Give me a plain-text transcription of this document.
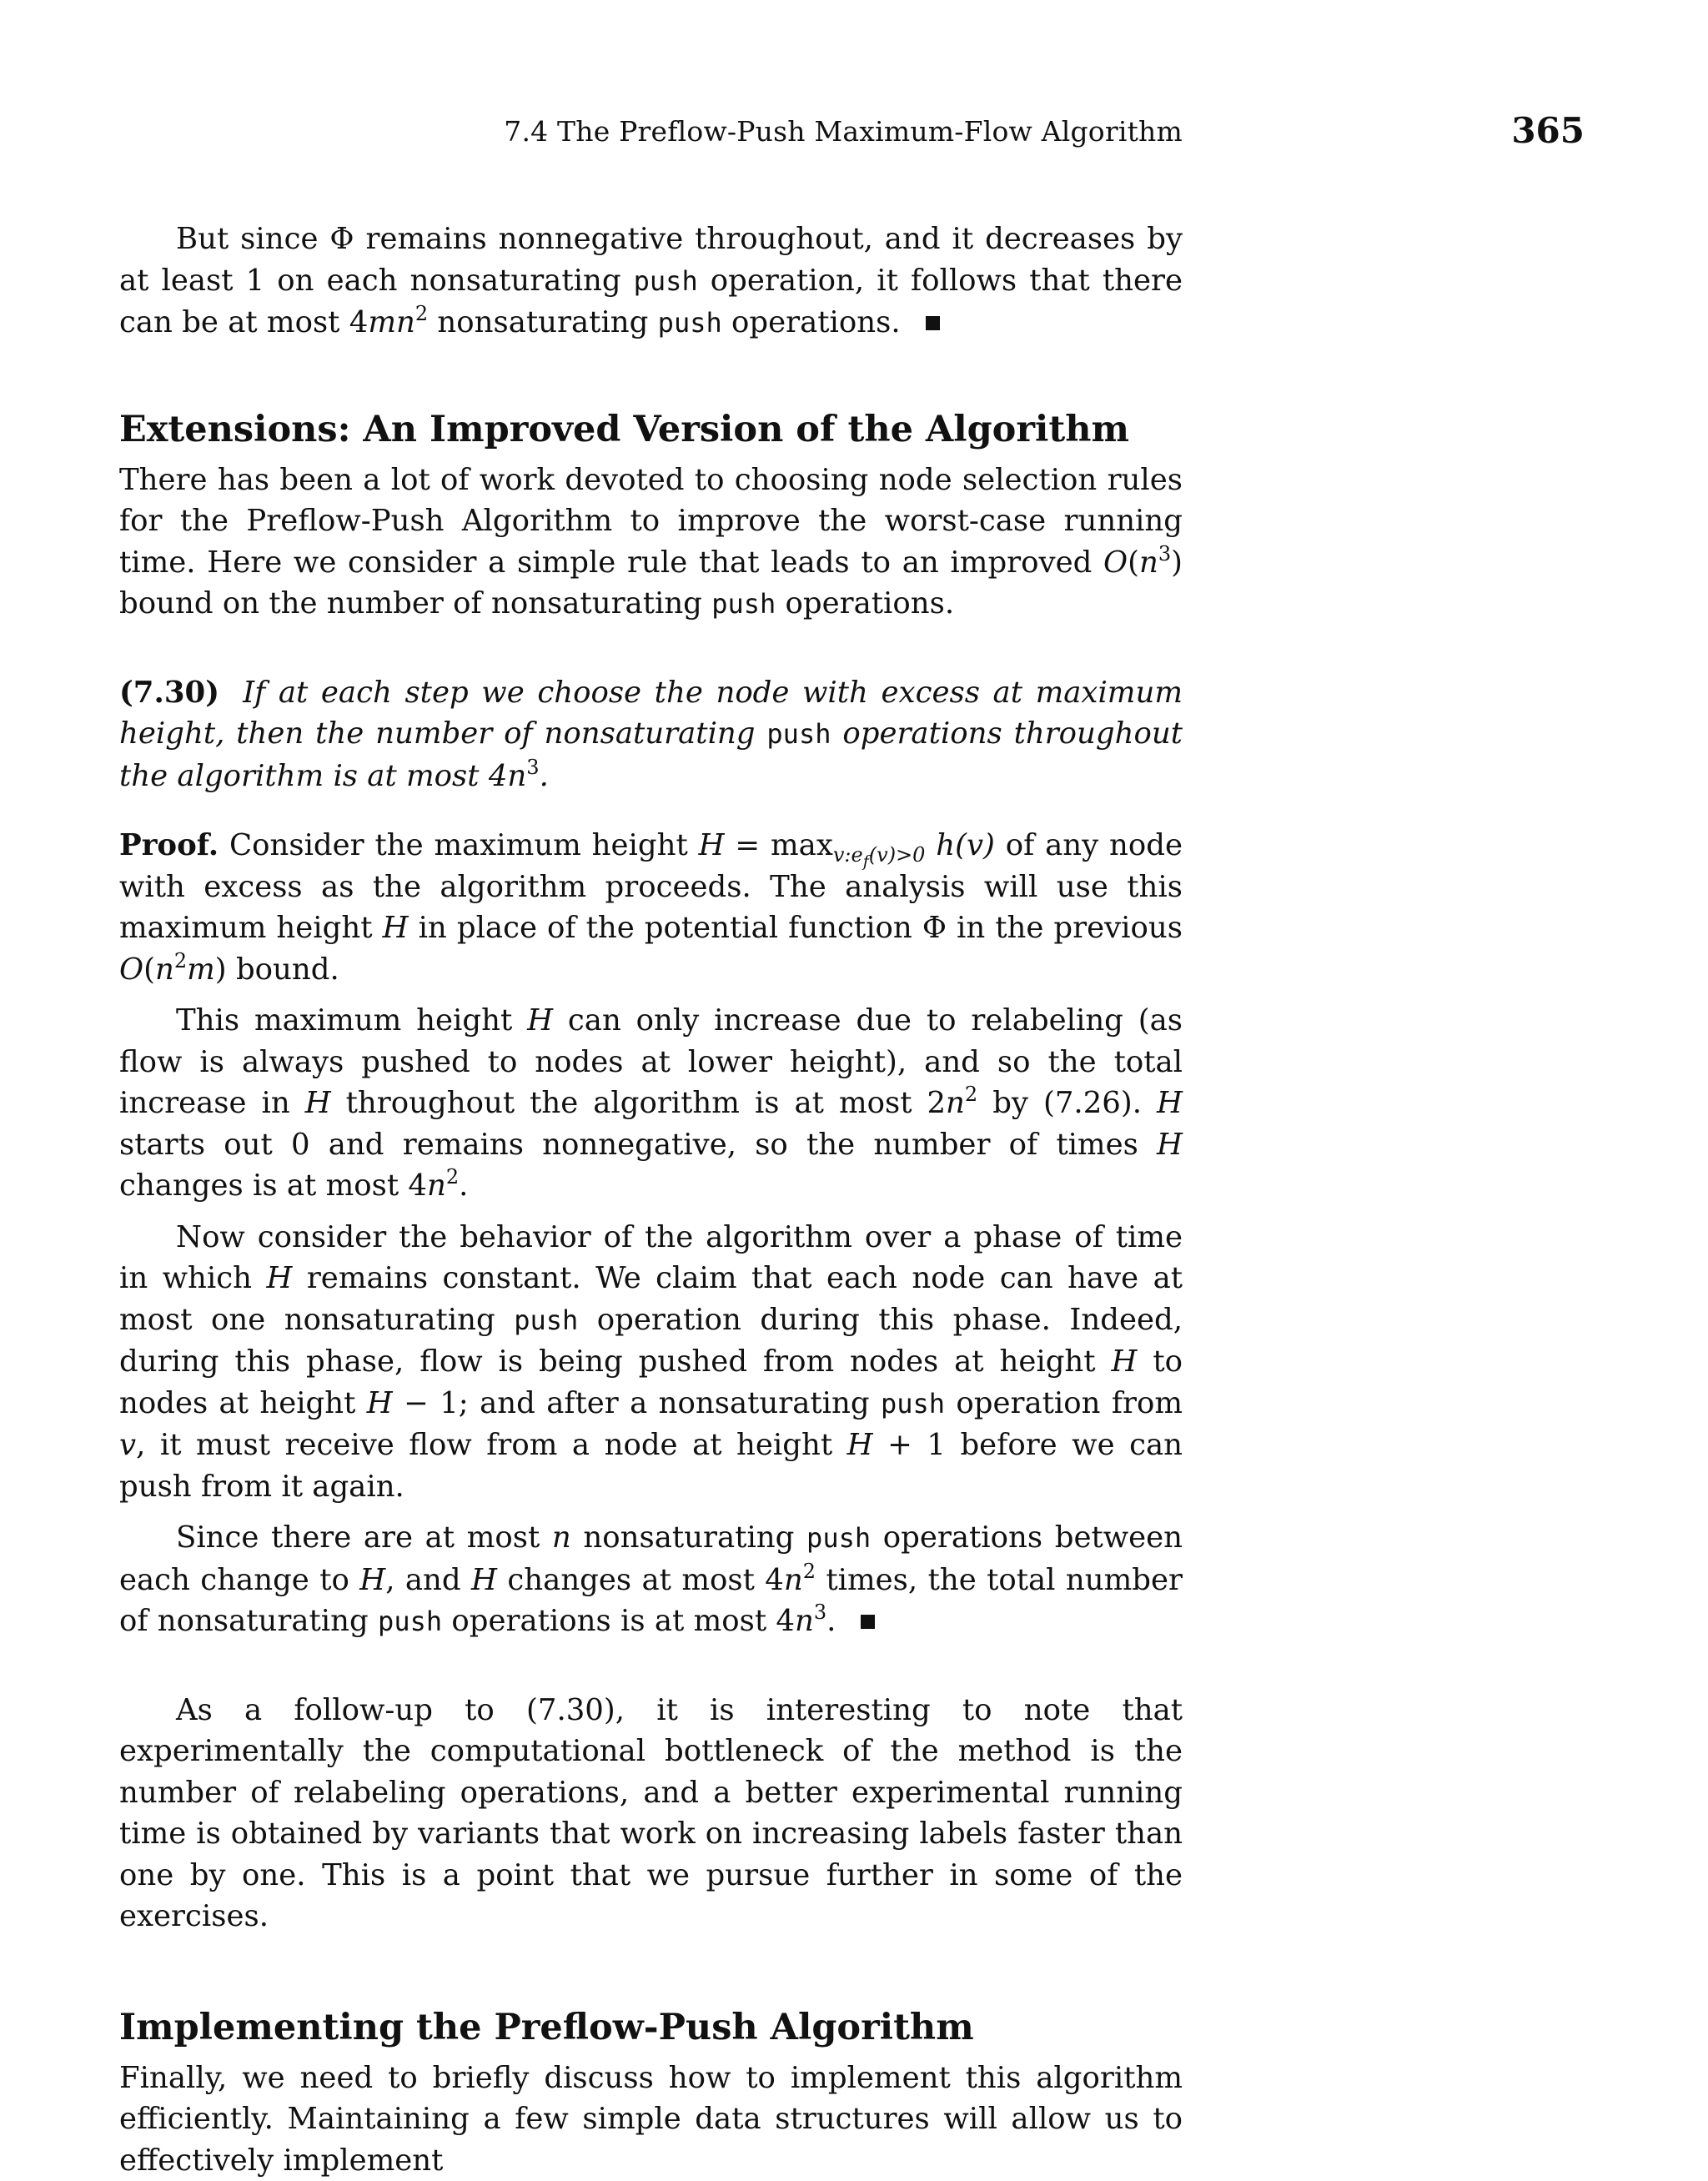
7.4 The Preflow-Push Maximum-Flow Algorithm	365

But since Φ remains nonnegative throughout, and it decreases by at least 1 on each nonsaturating push operation, it follows that there can be at most $4mn^2$ nonsaturating push operations.

Extensions: An Improved Version of the Algorithm

There has been a lot of work devoted to choosing node selection rules for the Preflow-Push Algorithm to improve the worst-case running time. Here we consider a simple rule that leads to an improved $O(n^3)$ bound on the number of nonsaturating push operations.

(7.30) If at each step we choose the node with excess at maximum height, then the number of nonsaturating push operations throughout the algorithm is at most $4n^3$.

Proof. Consider the maximum height $H = \max_{v:e_f(v)>0} h(v)$ of any node with excess as the algorithm proceeds. The analysis will use this maximum height H in place of the potential function Φ in the previous $O(n^2m)$ bound.

This maximum height H can only increase due to relabeling (as flow is always pushed to nodes at lower height), and so the total increase in H throughout the algorithm is at most $2n^2$ by (7.26). H starts out 0 and remains nonnegative, so the number of times H changes is at most $4n^2$.

Now consider the behavior of the algorithm over a phase of time in which H remains constant. We claim that each node can have at most one nonsaturating push operation during this phase. Indeed, during this phase, flow is being pushed from nodes at height H to nodes at height H − 1; and after a nonsaturating push operation from v, it must receive flow from a node at height H + 1 before we can push from it again.

Since there are at most n nonsaturating push operations between each change to H, and H changes at most $4n^2$ times, the total number of nonsaturating push operations is at most $4n^3$.

As a follow-up to (7.30), it is interesting to note that experimentally the computational bottleneck of the method is the number of relabeling operations, and a better experimental running time is obtained by variants that work on increasing labels faster than one by one. This is a point that we pursue further in some of the exercises.

Implementing the Preflow-Push Algorithm

Finally, we need to briefly discuss how to implement this algorithm efficiently. Maintaining a few simple data structures will allow us to effectively implement
